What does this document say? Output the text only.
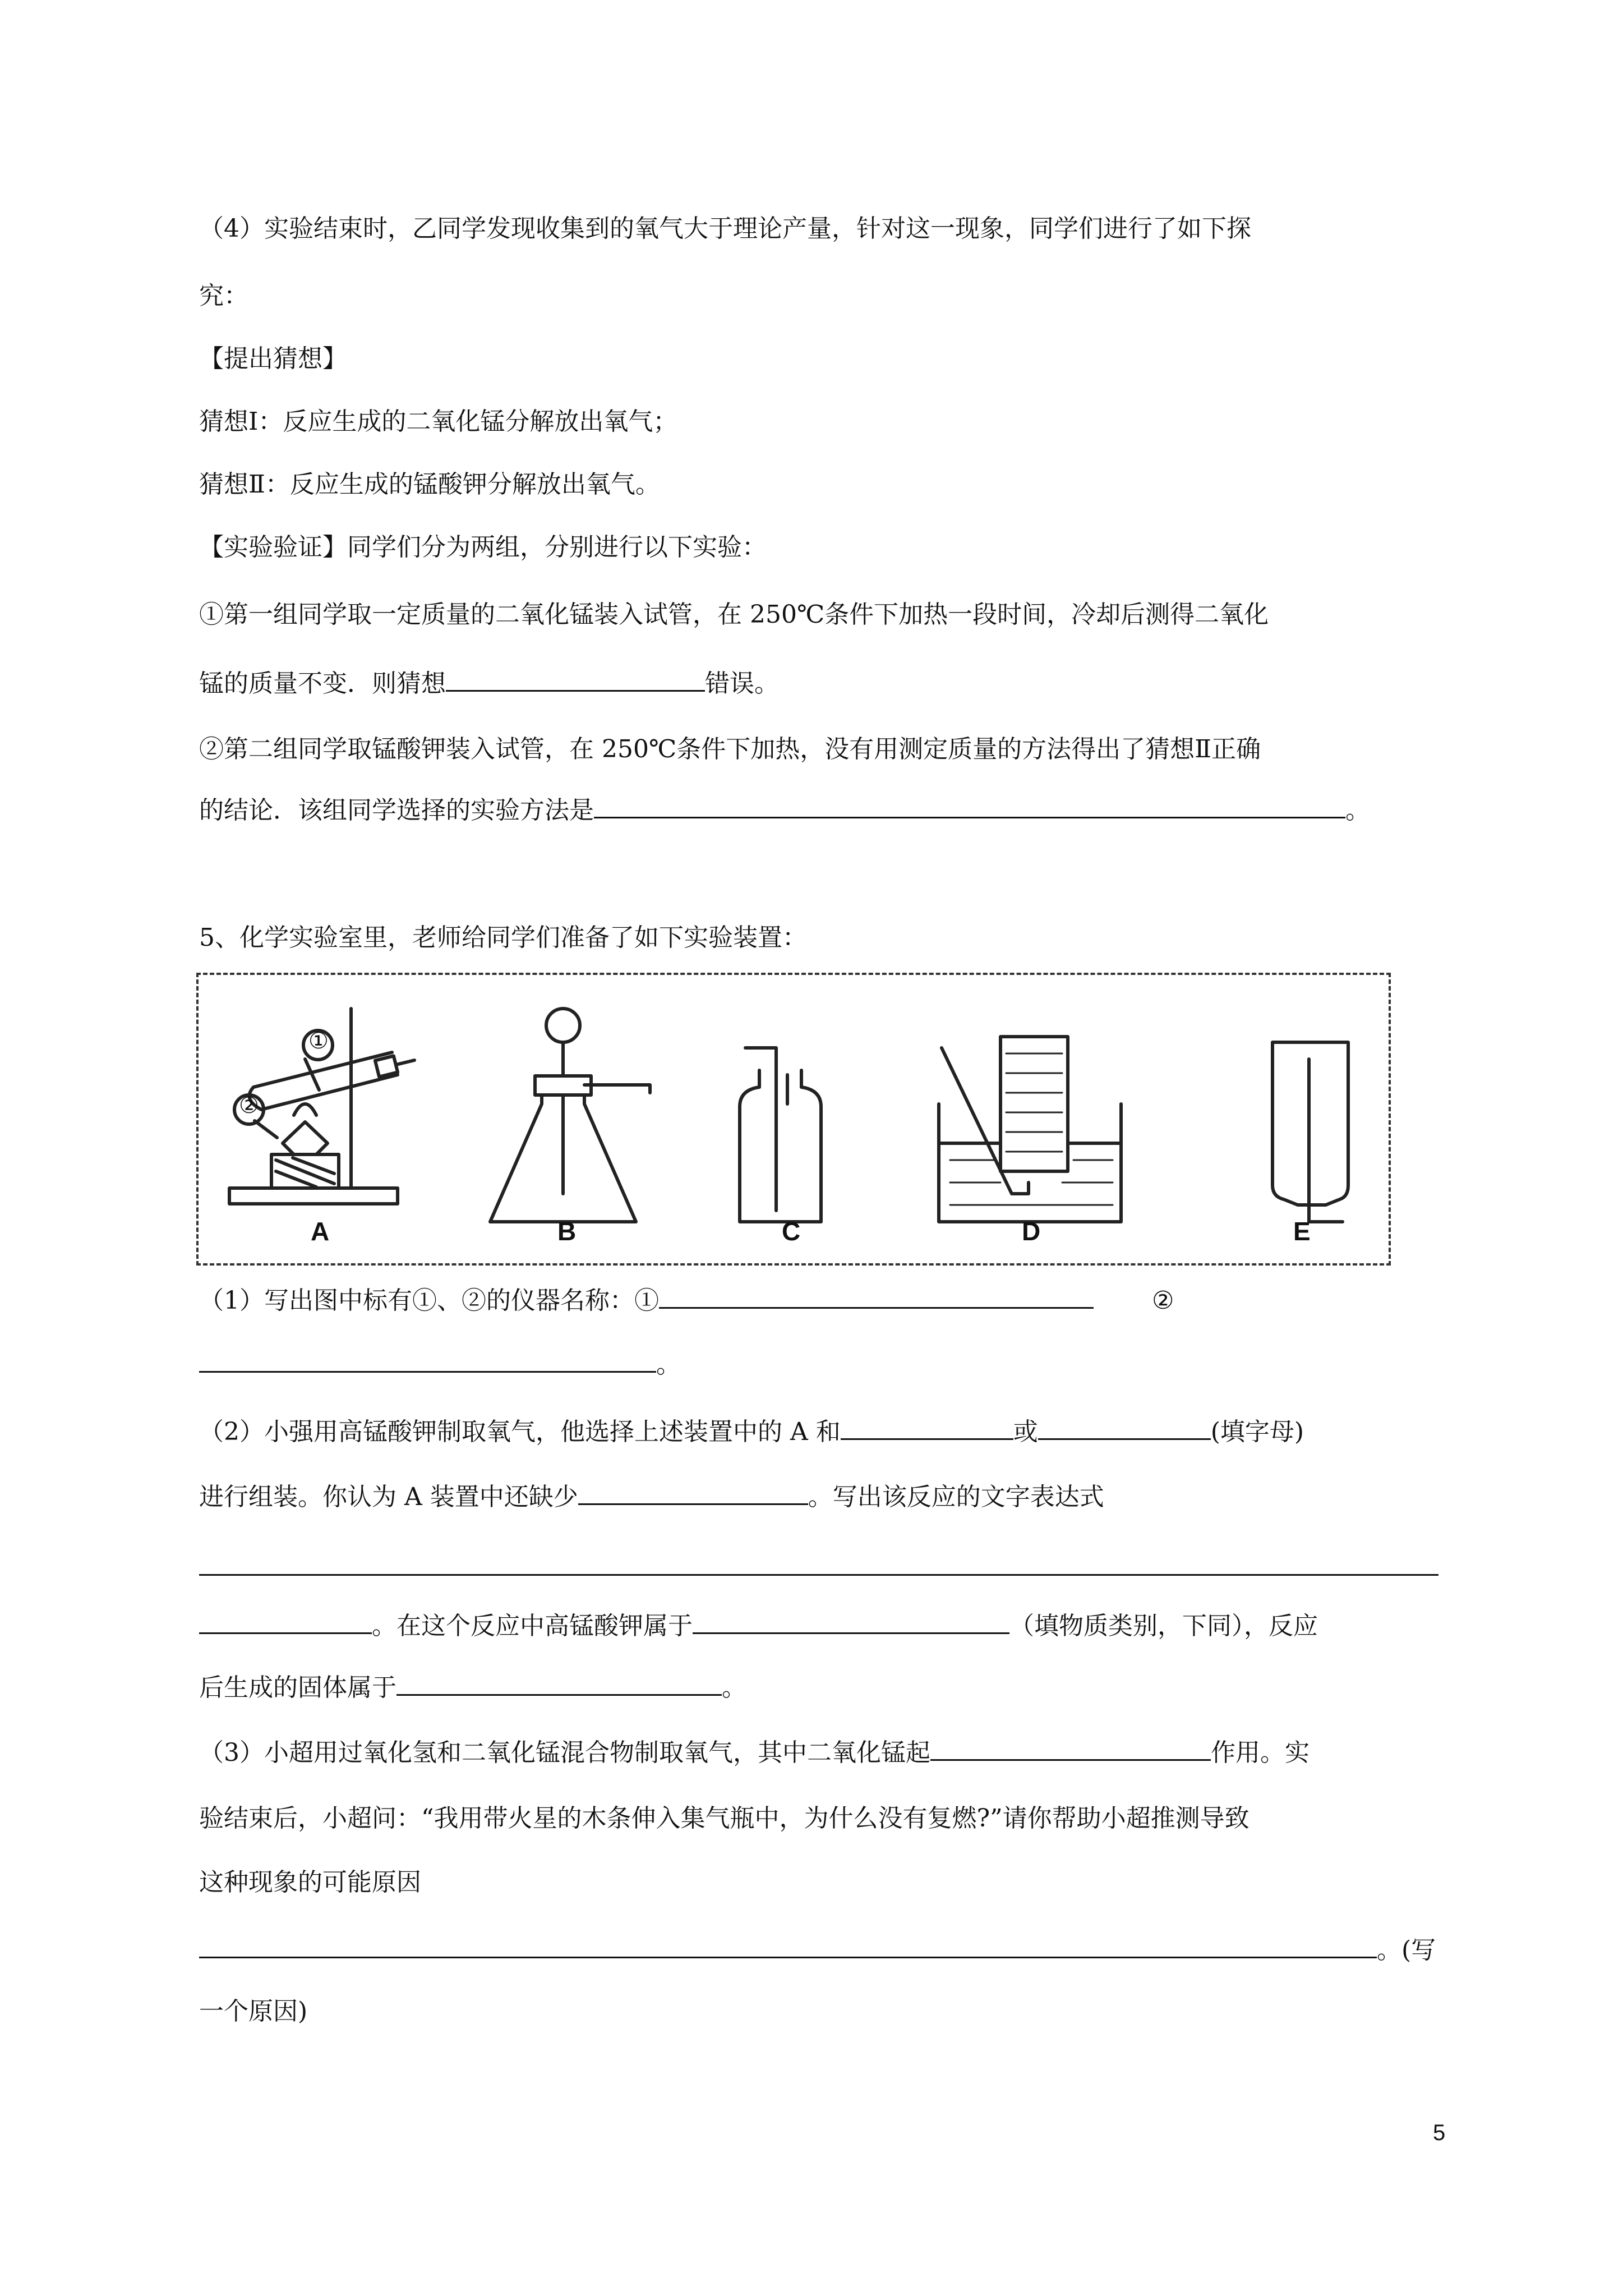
（4）实验结束时，乙同学发现收集到的氧气大于理论产量，针对这一现象，同学们进行了如下探
究：
【提出猜想】
猜想Ⅰ：反应生成的二氧化锰分解放出氧气；
猜想Ⅱ：反应生成的锰酸钾分解放出氧气。
【实验验证】同学们分为两组，分别进行以下实验：
①第一组同学取一定质量的二氧化锰装入试管，在 250℃条件下加热一段时间，冷却后测得二氧化
锰的质量不变．则猜想	错误。
②第二组同学取锰酸钾装入试管，在 250℃条件下加热，没有用测定质量的方法得出了猜想Ⅱ正确
的结论．该组同学选择的实验方法是	。
5、化学实验室里，老师给同学们准备了如下实验装置：
A	B	C	D	E
①
②
（1）写出图中标有①、②的仪器名称：①	②
。
（2）小强用高锰酸钾制取氧气，他选择上述装置中的 A 和	或	(填字母)
进行组装。你认为 A 装置中还缺少	。写出该反应的文字表达式
。在这个反应中高锰酸钾属于	（填物质类别，下同），反应
后生成的固体属于	。
（3）小超用过氧化氢和二氧化锰混合物制取氧气，其中二氧化锰起	作用。实
验结束后，小超问：“我用带火星的木条伸入集气瓶中，为什么没有复燃?”请你帮助小超推测导致
这种现象的可能原因
。(写
一个原因)
5
